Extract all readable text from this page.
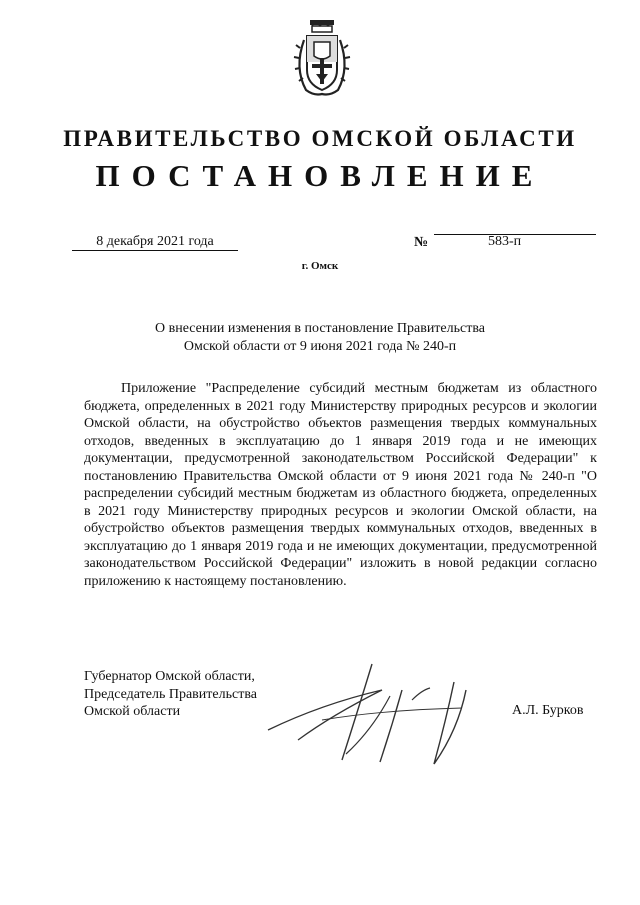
ПРАВИТЕЛЬСТВО ОМСКОЙ ОБЛАСТИ
ПОСТАНОВЛЕНИЕ
8 декабря 2021 года	№	583-п
г. Омск
О внесении изменения в постановление Правительства
Омской области от 9 июня 2021 года № 240-п

Приложение "Распределение субсидий местным бюджетам из областного бюджета, определенных в 2021 году Министерству природных ресурсов и экологии Омской области, на обустройство объектов размещения твердых коммунальных отходов, введенных в эксплуатацию до 1 января 2019 года и не имеющих документации, предусмотренной законодательством Российской Федерации" к постановлению Правительства Омской области от 9 июня 2021 года № 240-п "О распределении субсидий местным бюджетам из областного бюджета, определенных в 2021 году Министерству природных ресурсов и экологии Омской области, на обустройство объектов размещения твердых коммунальных отходов, введенных в эксплуатацию до 1 января 2019 года и не имеющих документации, предусмотренной законодательством Российской Федерации" изложить в новой редакции согласно приложению к настоящему постановлению.

Губернатор Омской области,
Председатель Правительства
Омской области	А.Л. Бурков
